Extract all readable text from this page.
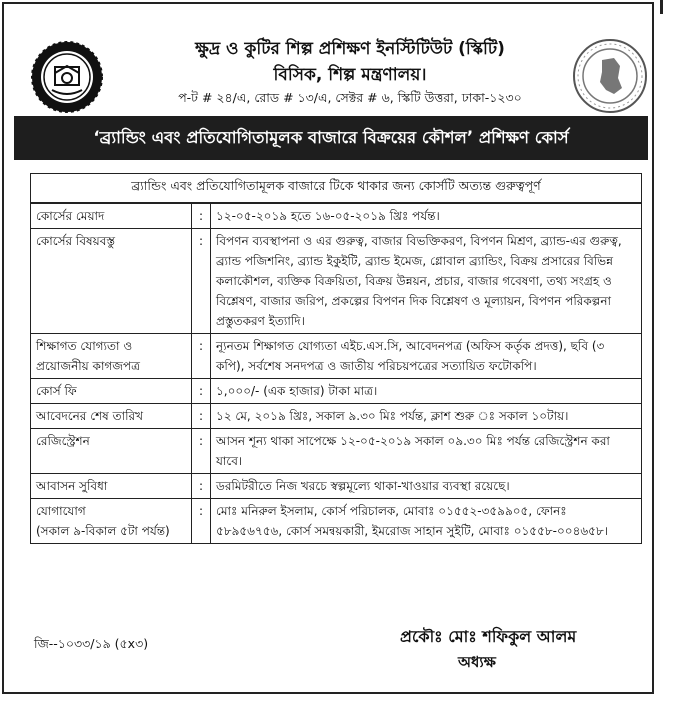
ক্ষুদ্র ও কুটির শিল্প প্রশিক্ষণ ইনস্টিটিউট (স্কিটি)
বিসিক, শিল্প মন্ত্রণালয়।
প-ট # ২৪/এ, রোড # ১৩/এ, সেক্টর # ৬, স্কিটি উত্তরা, ঢাকা-১২৩০
‘ব্র্যান্ডিং এবং প্রতিযোগিতামূলক বাজারে বিক্রয়ের কৌশল’ প্রশিক্ষণ কোর্স
ব্র্যান্ডিং এবং প্রতিযোগিতামূলক বাজারে টিকে থাকার জন্য কোর্সটি অত্যন্ত গুরুত্বপূর্ণ
কোর্সের মেয়াদ	:	১২-০৫-২০১৯ হতে ১৬-০৫-২০১৯ খ্রিঃ পর্যন্ত।
কোর্সের বিষয়বস্তু	:	বিপণন ব্যবস্থাপনা ও এর গুরুত্ব, বাজার বিভক্তিকরণ, বিপণন মিশ্রণ, ব্র্যান্ড-এর গুরুত্ব, ব্র্যান্ড পজিশনিং, ব্র্যান্ড ইকুইটি, ব্র্যান্ড ইমেজ, গ্লোবাল ব্র্যান্ডিং, বিক্রয় প্রসারের বিভিন্ন কলাকৌশল, ব্যক্তিক বিক্রয়িতা, বিক্রয় উন্নয়ন, প্রচার, বাজার গবেষণা, তথ্য সংগ্রহ ও বিশ্লেষণ, বাজার জরিপ, প্রকল্পের বিপণন দিক বিশ্লেষণ ও মূল্যায়ন, বিপণন পরিকল্পনা প্রস্তুতকরণ ইত্যাদি।
শিক্ষাগত যোগ্যতা ও প্রয়োজনীয় কাগজপত্র	:	ন্যূনতম শিক্ষাগত যোগ্যতা এইচ.এস.সি, আবেদনপত্র (অফিস কর্তৃক প্রদত্ত), ছবি (৩ কপি), সর্বশেষ সনদপত্র ও জাতীয় পরিচয়পত্রের সত্যায়িত ফটোকপি।
কোর্স ফি	:	১,০০০/- (এক হাজার) টাকা মাত্র।
আবেদনের শেষ তারিখ	:	১২ মে, ২০১৯ খ্রিঃ, সকাল ৯.৩০ মিঃ পর্যন্ত, ক্লাশ শুরু ঃ সকাল ১০টায়।
রেজিস্ট্রেশন	:	আসন শূন্য থাকা সাপেক্ষে ১২-০৫-২০১৯ সকাল ০৯.৩০ মিঃ পর্যন্ত রেজিস্ট্রেশন করা যাবে।
আবাসন সুবিধা	:	ডরমিটরীতে নিজ খরচে স্বল্পমূল্যে থাকা-খাওয়ার ব্যবস্থা রয়েছে।
যোগাযোগ
(সকাল ৯-বিকাল ৫টা পর্যন্ত)	:	মোঃ মনিরুল ইসলাম, কোর্স পরিচালক, মোবাঃ ০১৫৫২-৩৫৯৯০৫, ফোনঃ ৫৮৯৫৬৭৫৬, কোর্স সমন্বয়কারী, ইমরোজ সাহান সুইটি, মোবাঃ ০১৫৫৮-০০৪৬৫৮।
প্রকৌঃ মোঃ শফিকুল আলম
জি--১০৩৩/১৯ (৫x৩)
অধ্যক্ষ
